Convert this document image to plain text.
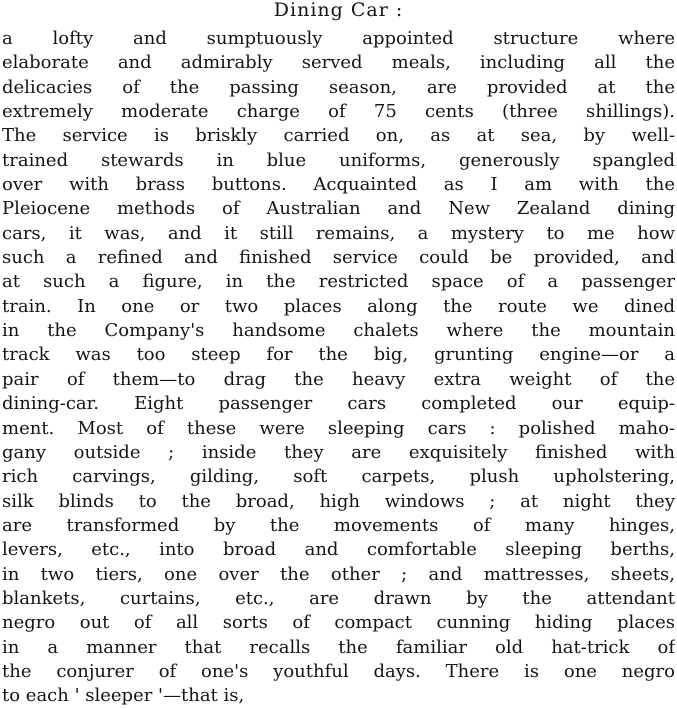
Dining Car :
a lofty and sumptuously appointed structure where
elaborate and admirably served meals, including all the
delicacies of the passing season, are provided at the
extremely moderate charge of 75 cents (three shillings).
The service is briskly carried on, as at sea, by well-
trained stewards in blue uniforms, generously spangled
over with brass buttons. Acquainted as I am with the
Pleiocene methods of Australian and New Zealand dining
cars, it was, and it still remains, a mystery to me how
such a refined and finished service could be provided, and
at such a figure, in the restricted space of a passenger
train. In one or two places along the route we dined
in the Company's handsome chalets where the mountain
track was too steep for the big, grunting engine—or a
pair of them—to drag the heavy extra weight of the
dining-car. Eight passenger cars completed our equip-
ment. Most of these were sleeping cars : polished maho-
gany outside ; inside they are exquisitely finished with
rich carvings, gilding, soft carpets, plush upholstering,
silk blinds to the broad, high windows ; at night they
are transformed by the movements of many hinges,
levers, etc., into broad and comfortable sleeping berths,
in two tiers, one over the other ; and mattresses, sheets,
blankets, curtains, etc., are drawn by the attendant
negro out of all sorts of compact cunning hiding places
in a manner that recalls the familiar old hat-trick of
the conjurer of one's youthful days. There is one negro
to each ' sleeper '—that is,
